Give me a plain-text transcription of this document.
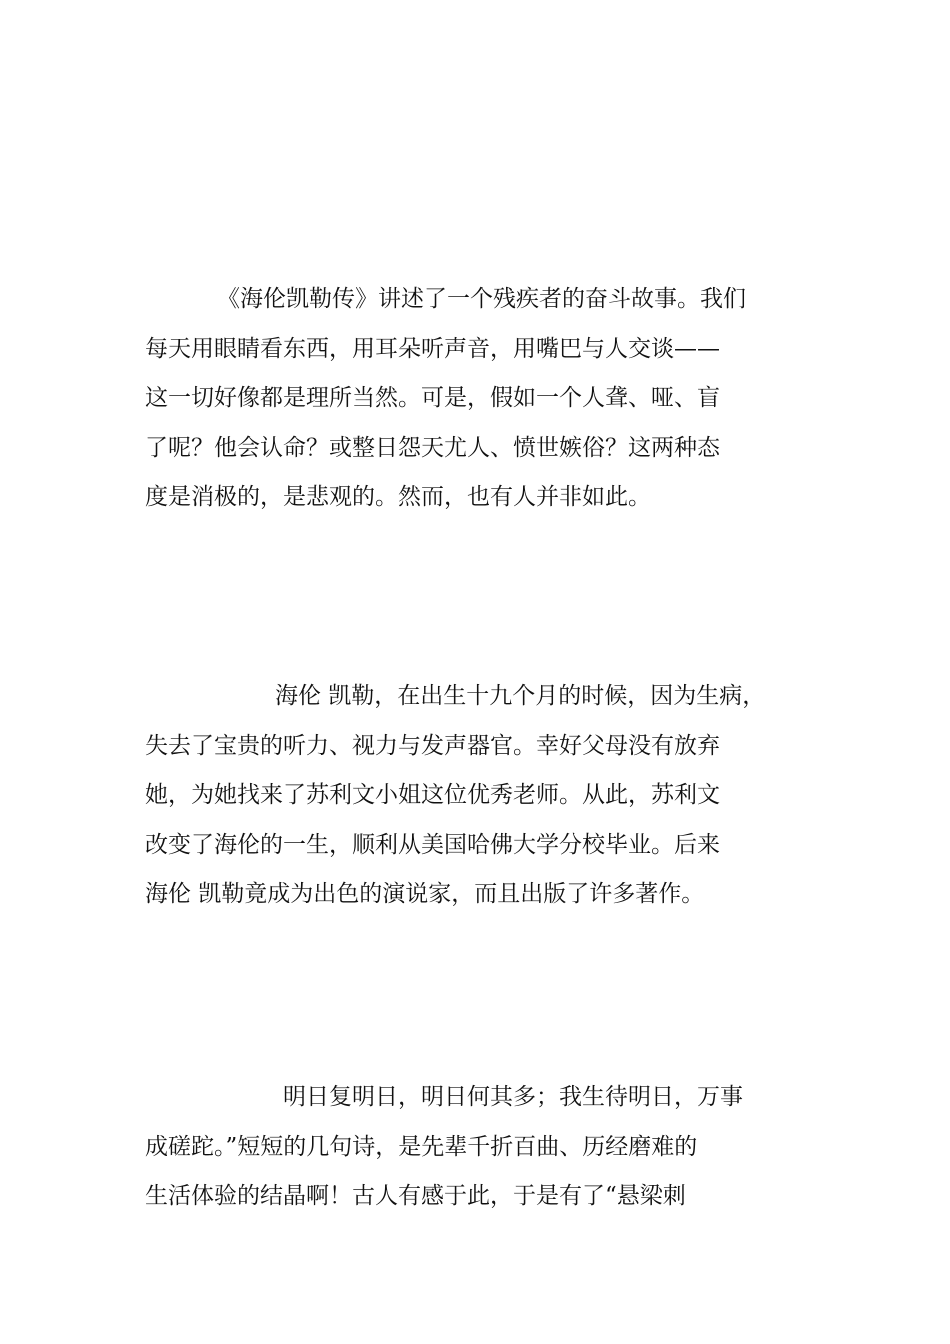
《海伦凯勒传》讲述了一个残疾者的奋斗故事。我们
每天用眼睛看东西，用耳朵听声音，用嘴巴与人交谈——
这一切好像都是理所当然。可是，假如一个人聋、哑、盲
了呢？他会认命？或整日怨天尤人、愤世嫉俗？这两种态
度是消极的，是悲观的。然而，也有人并非如此。
海伦 凯勒，在出生十九个月的时候，因为生病，
失去了宝贵的听力、视力与发声器官。幸好父母没有放弃
她，为她找来了苏利文小姐这位优秀老师。从此，苏利文
改变了海伦的一生，顺利从美国哈佛大学分校毕业。后来
海伦 凯勒竟成为出色的演说家，而且出版了许多著作。
明日复明日，明日何其多；我生待明日，万事
成磋跎。”短短的几句诗，是先辈千折百曲、历经磨难的
生活体验的结晶啊！古人有感于此，于是有了“悬梁刺
